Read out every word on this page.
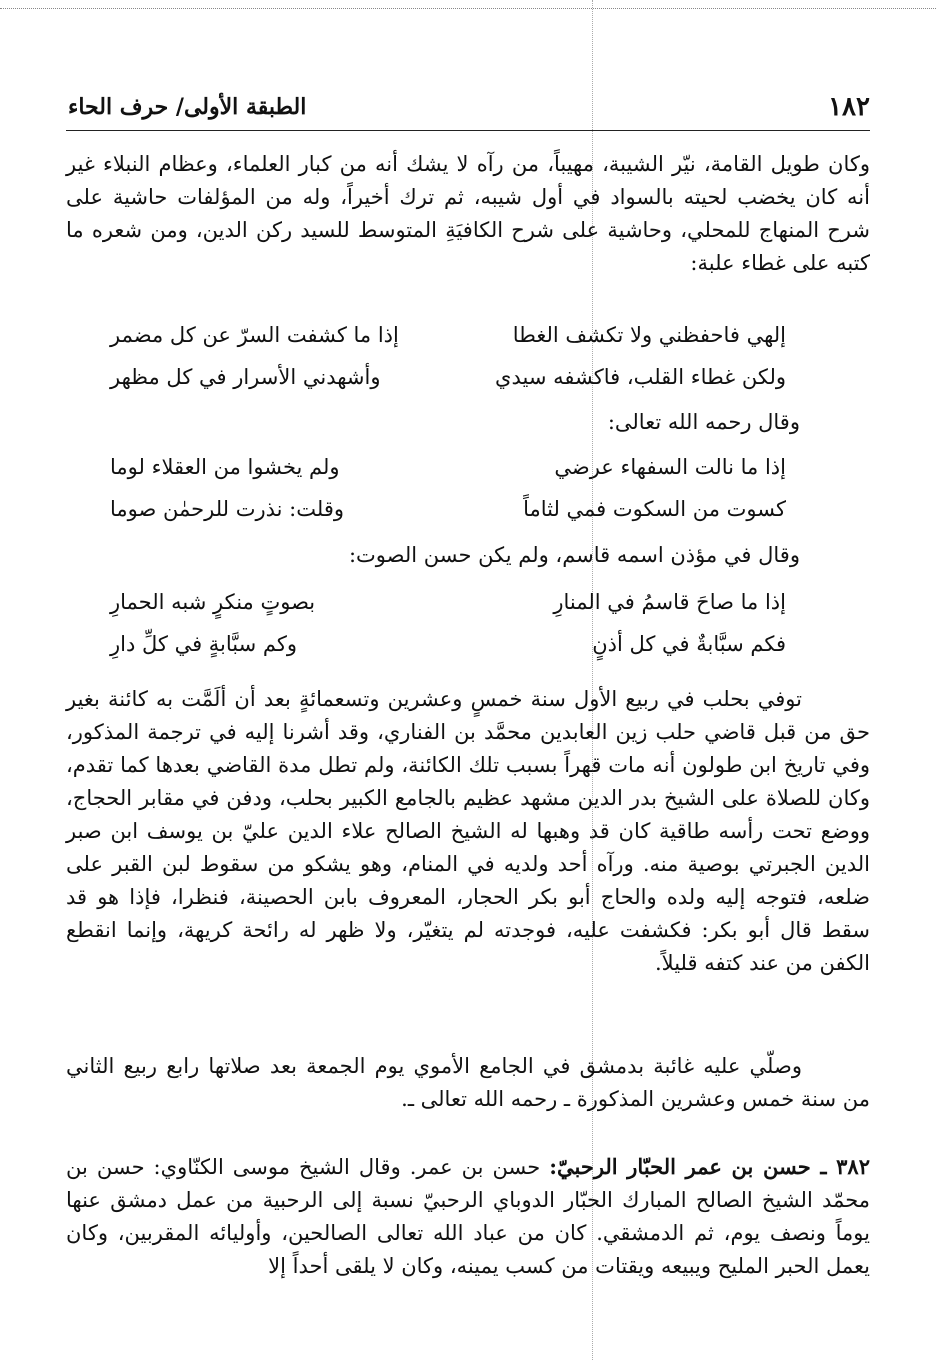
١٨٢
الطبقة الأولى/ حرف الحاء
وكان طويل القامة، نيّر الشيبة، مهيباً، من رآه لا يشك أنه من كبار العلماء، وعظام النبلاء غير أنه كان يخضب لحيته بالسواد في أول شيبه، ثم ترك أخيراً، وله من المؤلفات حاشية على شرح المنهاج للمحلي، وحاشية على شرح الكافيَةِ المتوسط للسيد ركن الدين، ومن شعره ما كتبه على غطاء علبة:
إلهي فاحفظني ولا تكشف الغطا
إذا ما كشفت السرّ عن كل مضمر
ولكن غطاء القلب، فاكشفه سيدي
وأشهدني الأسرار في كل مظهر
وقال رحمه الله تعالى:
إذا ما نالت السفهاء عرضي
ولم يخشوا من العقلاء لوما
كسوت من السكوت فمي لثاماً
وقلت: نذرت للرحمٰن صوما
وقال في مؤذن اسمه قاسم، ولم يكن حسن الصوت:
إذا ما صاحَ قاسمُ في المنارِ
بصوتٍ منكرٍ شبه الحمارِ
فكم سبَّابةٌ في كل أذنٍ
وكم سبَّابةٍ في كلِّ دارِ
توفي بحلب في ربيع الأول سنة خمسٍ وعشرين وتسعمائةٍ بعد أن ألَمَّت به كائنة بغير حق من قبل قاضي حلب زين العابدين محمَّد بن الفناري، وقد أشرنا إليه في ترجمة المذكور، وفي تاريخ ابن طولون أنه مات قهراً بسبب تلك الكائنة، ولم تطل مدة القاضي بعدها كما تقدم، وكان للصلاة على الشيخ بدر الدين مشهد عظيم بالجامع الكبير بحلب، ودفن في مقابر الحجاج، ووضع تحت رأسه طاقية كان قد وهبها له الشيخ الصالح علاء الدين عليّ بن يوسف ابن صبر الدين الجبرتي بوصية منه. ورآه أحد ولديه في المنام، وهو يشكو من سقوط لبن القبر على ضلعه، فتوجه إليه ولده والحاج أبو بكر الحجار، المعروف بابن الحصينة، فنظرا، فإذا هو قد سقط قال أبو بكر: فكشفت عليه، فوجدته لم يتغيّر، ولا ظهر له رائحة كريهة، وإنما انقطع الكفن من عند كتفه قليلاً.
وصلّي عليه غائبة بدمشق في الجامع الأموي يوم الجمعة بعد صلاتها رابع ربيع الثاني من سنة خمس وعشرين المذكورة ـ رحمه الله تعالى ـ.
٣٨٢ ـ حسن بن عمر الحبّار الرحبيّ: حسن بن عمر. وقال الشيخ موسى الكنّاوي: حسن بن محمّد الشيخ الصالح المبارك الحبّار الدوباي الرحبيّ نسبة إلى الرحبية من عمل دمشق عنها يوماً ونصف يوم، ثم الدمشقي. كان من عباد الله تعالى الصالحين، وأوليائه المقربين، وكان يعمل الحبر المليح ويبيعه ويقتات من كسب يمينه، وكان لا يلقى أحداً إلا
